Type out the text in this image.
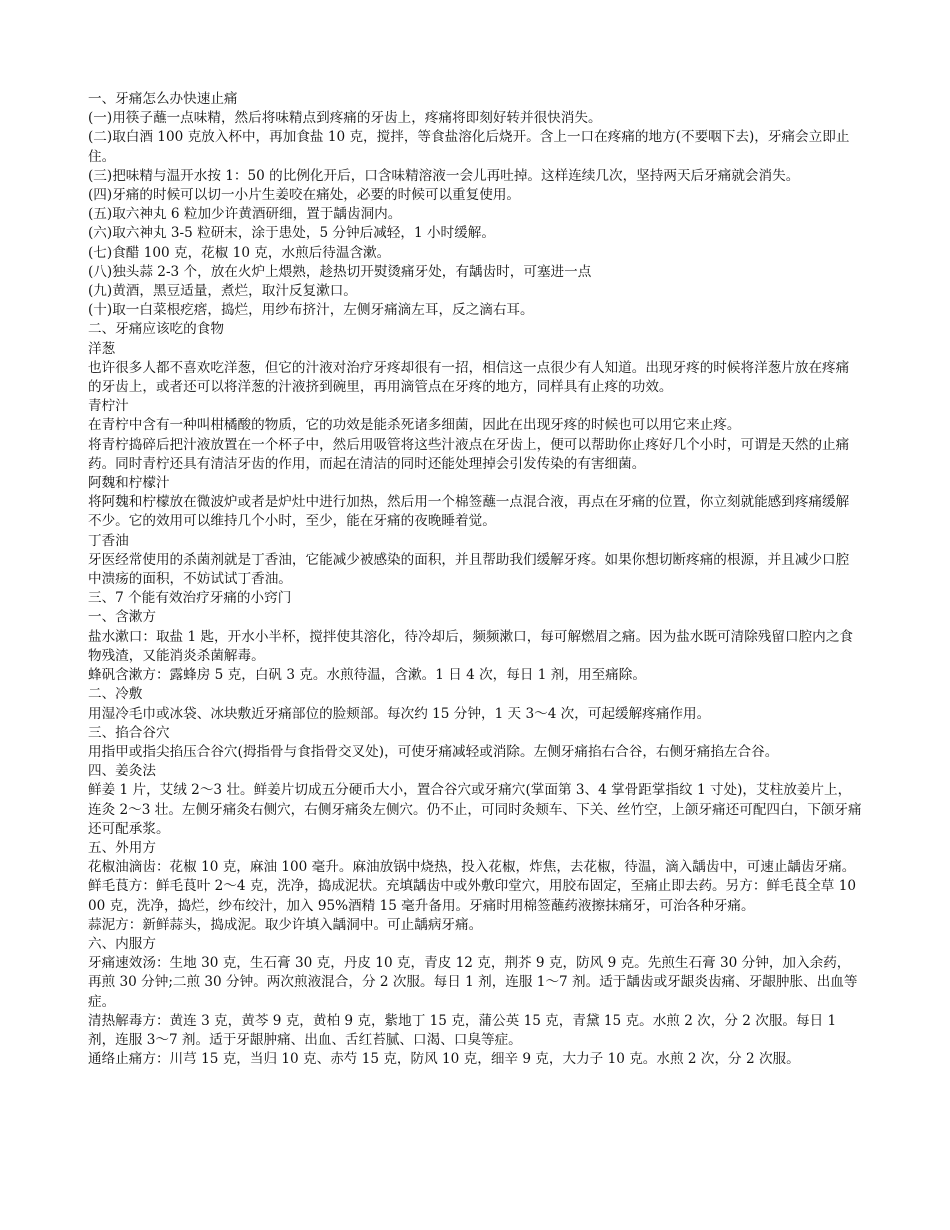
一、牙痛怎么办快速止痛

(一)用筷子蘸一点味精，然后将味精点到疼痛的牙齿上，疼痛将即刻好转并很快消失。

(二)取白酒 100 克放入杯中，再加食盐 10 克，搅拌，等食盐溶化后烧开。含上一口在疼痛的地方(不要咽下去)，牙痛会立即止住。

(三)把味精与温开水按 1：50 的比例化开后，口含味精溶液一会儿再吐掉。这样连续几次，坚持两天后牙痛就会消失。

(四)牙痛的时候可以切一小片生姜咬在痛处，必要的时候可以重复使用。

(五)取六神丸 6 粒加少许黄酒研细，置于龋齿洞内。

(六)取六神丸 3-5 粒研末，涂于患处，5 分钟后减轻，1 小时缓解。

(七)食醋 100 克，花椒 10 克，水煎后待温含漱。

(八)独头蒜 2-3 个，放在火炉上煨熟，趁热切开熨烫痛牙处，有龋齿时，可塞进一点

(九)黄酒，黑豆适量，煮烂，取汁反复漱口。

(十)取一白菜根疙瘩，捣烂，用纱布挤汁，左侧牙痛滴左耳，反之滴右耳。

二、牙痛应该吃的食物

洋葱

也许很多人都不喜欢吃洋葱，但它的汁液对治疗牙疼却很有一招，相信这一点很少有人知道。出现牙疼的时候将洋葱片放在疼痛的牙齿上，或者还可以将洋葱的汁液挤到碗里，再用滴管点在牙疼的地方，同样具有止疼的功效。

青柠汁

在青柠中含有一种叫柑橘酸的物质，它的功效是能杀死诸多细菌，因此在出现牙疼的时候也可以用它来止疼。

将青柠捣碎后把汁液放置在一个杯子中，然后用吸管将这些汁液点在牙齿上，便可以帮助你止疼好几个小时，可谓是天然的止痛药。同时青柠还具有清洁牙齿的作用，而起在清洁的同时还能处理掉会引发传染的有害细菌。

阿魏和柠檬汁

将阿魏和柠檬放在微波炉或者是炉灶中进行加热，然后用一个棉签蘸一点混合液，再点在牙痛的位置，你立刻就能感到疼痛缓解不少。它的效用可以维持几个小时，至少，能在牙痛的夜晚睡着觉。

丁香油

牙医经常使用的杀菌剂就是丁香油，它能减少被感染的面积，并且帮助我们缓解牙疼。如果你想切断疼痛的根源，并且减少口腔中溃疡的面积，不妨试试丁香油。

三、7 个能有效治疗牙痛的小窍门

一、含漱方

盐水漱口：取盐 1 匙，开水小半杯，搅拌使其溶化，待冷却后，频频漱口，每可解燃眉之痛。因为盐水既可清除残留口腔内之食物残渣，又能消炎杀菌解毒。

蜂矾含漱方：露蜂房 5 克，白矾 3 克。水煎待温，含漱。1 日 4 次，每日 1 剂，用至痛除。

二、冷敷

用湿冷毛巾或冰袋、冰块敷近牙痛部位的脸颊部。每次约 15 分钟，1 天 3～4 次，可起缓解疼痛作用。

三、掐合谷穴

用指甲或指尖掐压合谷穴(拇指骨与食指骨交叉处)，可使牙痛减轻或消除。左侧牙痛掐右合谷，右侧牙痛掐左合谷。

四、姜灸法

鲜姜 1 片，艾绒 2～3 壮。鲜姜片切成五分硬币大小，置合谷穴或牙痛穴(掌面第 3、4 掌骨距掌指纹 1 寸处)，艾柱放姜片上，连灸 2～3 壮。左侧牙痛灸右侧穴，右侧牙痛灸左侧穴。仍不止，可同时灸颊车、下关、丝竹空，上颌牙痛还可配四白，下颌牙痛还可配承浆。

五、外用方

花椒油滴齿：花椒 10 克，麻油 100 毫升。麻油放锅中烧热，投入花椒，炸焦，去花椒，待温，滴入龋齿中，可速止龋齿牙痛。

鲜毛茛方：鲜毛茛叶 2～4 克，洗净，捣成泥状。充填龋齿中或外敷印堂穴，用胶布固定，至痛止即去药。另方：鲜毛茛全草 1000 克，洗净，捣烂，纱布绞汁，加入 95%酒精 15 毫升备用。牙痛时用棉签蘸药液擦抹痛牙，可治各种牙痛。

蒜泥方：新鲜蒜头，捣成泥。取少许填入龋洞中。可止龋病牙痛。

六、内服方

牙痛速效汤：生地 30 克，生石膏 30 克，丹皮 10 克，青皮 12 克，荆芥 9 克，防风 9 克。先煎生石膏 30 分钟，加入余药，再煎 30 分钟;二煎 30 分钟。两次煎液混合，分 2 次服。每日 1 剂，连服 1～7 剂。适于龋齿或牙龈炎齿痛、牙龈肿胀、出血等症。

清热解毒方：黄连 3 克，黄芩 9 克，黄柏 9 克，紫地丁 15 克，蒲公英 15 克，青黛 15 克。水煎 2 次，分 2 次服。每日 1 剂，连服 3～7 剂。适于牙龈肿痛、出血、舌红苔腻、口渴、口臭等症。

通络止痛方：川芎 15 克，当归 10 克、赤芍 15 克，防风 10 克，细辛 9 克，大力子 10 克。水煎 2 次，分 2 次服。
